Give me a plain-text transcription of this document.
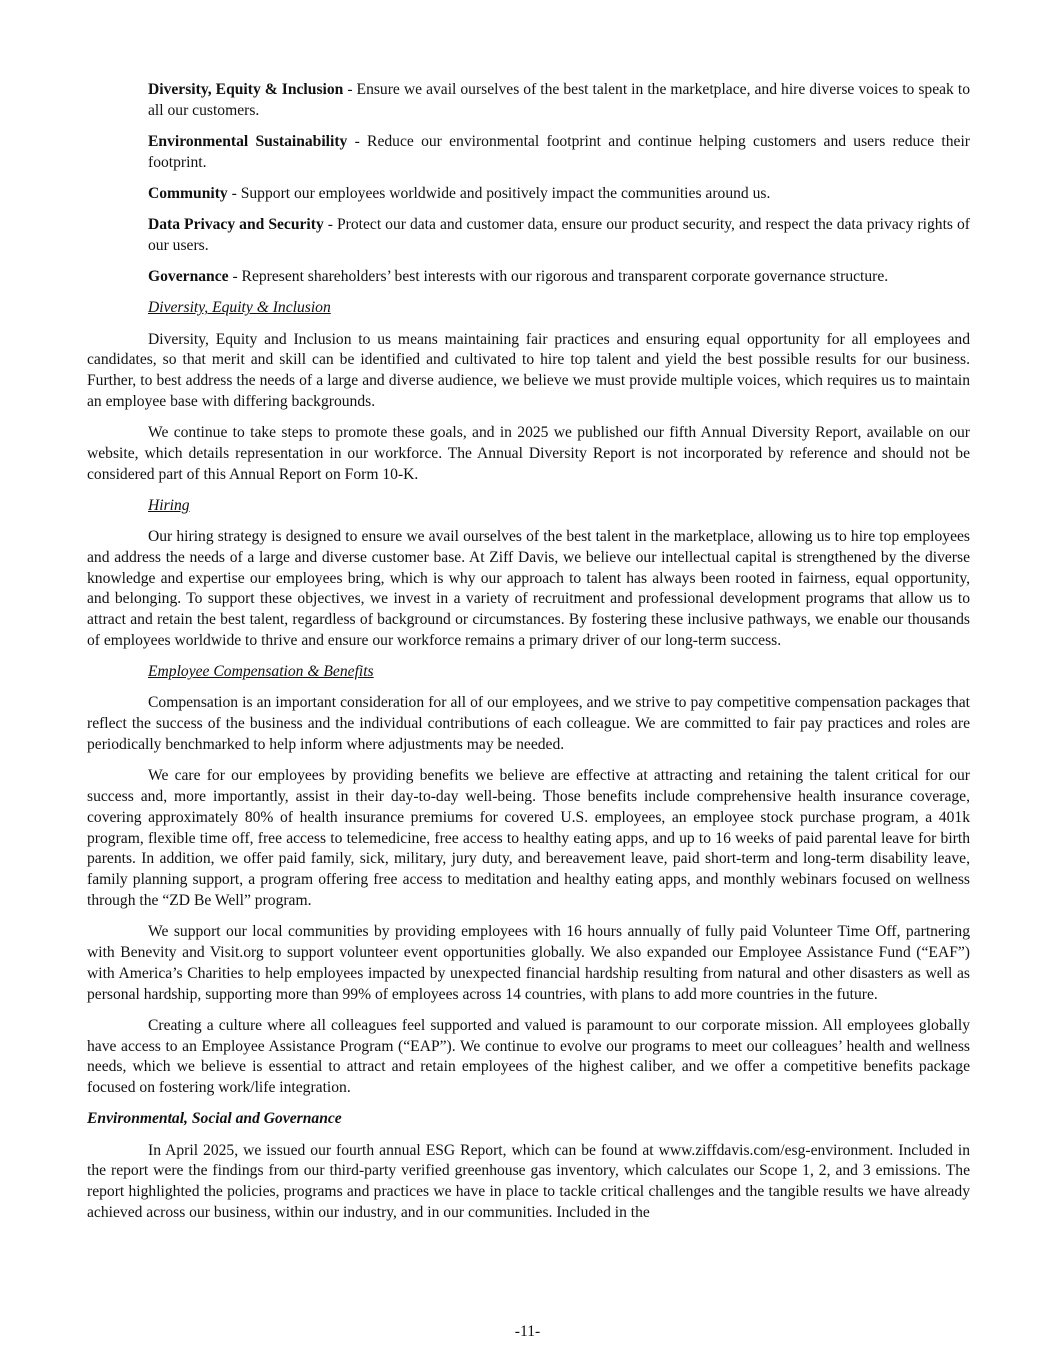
Diversity, Equity & Inclusion - Ensure we avail ourselves of the best talent in the marketplace, and hire diverse voices to speak to all our customers.

Environmental Sustainability - Reduce our environmental footprint and continue helping customers and users reduce their footprint.

Community - Support our employees worldwide and positively impact the communities around us.

Data Privacy and Security - Protect our data and customer data, ensure our product security, and respect the data privacy rights of our users.

Governance - Represent shareholders’ best interests with our rigorous and transparent corporate governance structure.

Diversity, Equity & Inclusion

Diversity, Equity and Inclusion to us means maintaining fair practices and ensuring equal opportunity for all employees and candidates, so that merit and skill can be identified and cultivated to hire top talent and yield the best possible results for our business. Further, to best address the needs of a large and diverse audience, we believe we must provide multiple voices, which requires us to maintain an employee base with differing backgrounds.

We continue to take steps to promote these goals, and in 2025 we published our fifth Annual Diversity Report, available on our website, which details representation in our workforce. The Annual Diversity Report is not incorporated by reference and should not be considered part of this Annual Report on Form 10-K.

Hiring

Our hiring strategy is designed to ensure we avail ourselves of the best talent in the marketplace, allowing us to hire top employees and address the needs of a large and diverse customer base. At Ziff Davis, we believe our intellectual capital is strengthened by the diverse knowledge and expertise our employees bring, which is why our approach to talent has always been rooted in fairness, equal opportunity, and belonging. To support these objectives, we invest in a variety of recruitment and professional development programs that allow us to attract and retain the best talent, regardless of background or circumstances. By fostering these inclusive pathways, we enable our thousands of employees worldwide to thrive and ensure our workforce remains a primary driver of our long-term success.

Employee Compensation & Benefits

Compensation is an important consideration for all of our employees, and we strive to pay competitive compensation packages that reflect the success of the business and the individual contributions of each colleague. We are committed to fair pay practices and roles are periodically benchmarked to help inform where adjustments may be needed.

We care for our employees by providing benefits we believe are effective at attracting and retaining the talent critical for our success and, more importantly, assist in their day-to-day well-being. Those benefits include comprehensive health insurance coverage, covering approximately 80% of health insurance premiums for covered U.S. employees, an employee stock purchase program, a 401k program, flexible time off, free access to telemedicine, free access to healthy eating apps, and up to 16 weeks of paid parental leave for birth parents. In addition, we offer paid family, sick, military, jury duty, and bereavement leave, paid short-term and long-term disability leave, family planning support, a program offering free access to meditation and healthy eating apps, and monthly webinars focused on wellness through the “ZD Be Well” program.

We support our local communities by providing employees with 16 hours annually of fully paid Volunteer Time Off, partnering with Benevity and Visit.org to support volunteer event opportunities globally. We also expanded our Employee Assistance Fund (“EAF”) with America’s Charities to help employees impacted by unexpected financial hardship resulting from natural and other disasters as well as personal hardship, supporting more than 99% of employees across 14 countries, with plans to add more countries in the future.

Creating a culture where all colleagues feel supported and valued is paramount to our corporate mission. All employees globally have access to an Employee Assistance Program (“EAP”). We continue to evolve our programs to meet our colleagues’ health and wellness needs, which we believe is essential to attract and retain employees of the highest caliber, and we offer a competitive benefits package focused on fostering work/life integration.

Environmental, Social and Governance

In April 2025, we issued our fourth annual ESG Report, which can be found at www.ziffdavis.com/esg-environment. Included in the report were the findings from our third-party verified greenhouse gas inventory, which calculates our Scope 1, 2, and 3 emissions. The report highlighted the policies, programs and practices we have in place to tackle critical challenges and the tangible results we have already achieved across our business, within our industry, and in our communities. Included in the

-11-
